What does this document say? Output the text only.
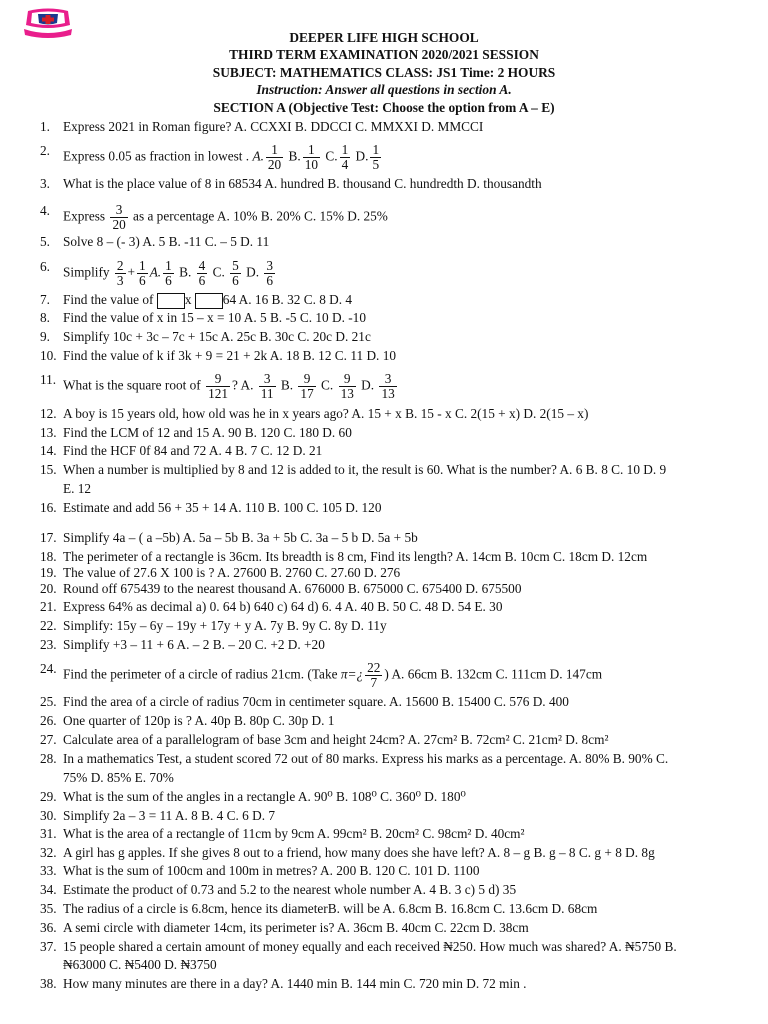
DEEPER LIFE HIGH SCHOOL
THIRD TERM EXAMINATION 2020/2021 SESSION
SUBJECT: MATHEMATICS CLASS: JS1 Time: 2 HOURS
Instruction: Answer all questions in section A.
SECTION A (Objective Test: Choose the option from A – E)
1. Express 2021 in Roman figure? A. CCXXI B. DDCCI C. MMXXI D. MMCCI
2. Express 0.05 as fraction in lowest . A. $\frac{1}{20} B$. $\frac{1}{10} C$. $\frac{1}{4} D$. $\frac{1}{5}$
3. What is the place value of 8 in 68534 A. hundred B. thousand C. hundredth D. thousandth
4. Express $\frac{3}{20}$ as a percentage A. 10% B. 20% C. 15% D. 25%
5. Solve 8 – (- 3) A. 5 B. -11 C. – 5 D. 11
6. Simplify $\frac{2}{3} + \frac{1}{6} A$. $\frac{1}{6} B$. $\frac{4}{6} C$. $\frac{5}{6} D$. $\frac{3}{6}$
7. Find the value of x 64 A. 16 B. 32 C. 8 D. 4
8. Find the value of x in 15 – x = 10 A. 5 B. -5 C. 10 D. -10
9. Simplify 10c + 3c – 7c + 15c A. 25c B. 30c C. 20c D. 21c
10. Find the value of k if 3k + 9 = 21 + 2k A. 18 B. 12 C. 11 D. 10
11. What is the square root of $\frac{9}{121}$ ? A. $\frac{3}{11} B$. $\frac{9}{17} C$. $\frac{9}{13} D$. $\frac{3}{13}$
12. A boy is 15 years old, how old was he in x years ago? A. 15 + x B. 15 - x C. 2(15 + x) D. 2(15 – x)
13. Find the LCM of 12 and 15 A. 90 B. 120 C. 180 D. 60
14. Find the HCF 0f 84 and 72 A. 4 B. 7 C. 12 D. 21
15. When a number is multiplied by 8 and 12 is added to it, the result is 60. What is the number? A. 6 B. 8 C. 10 D. 9
E. 12
16. Estimate and add 56 + 35 + 14 A. 110 B. 100 C. 105 D. 120
17. Simplify 4a – ( a –5b) A. 5a – 5b B. 3a + 5b C. 3a – 5 b D. 5a + 5b
18. The perimeter of a rectangle is 36cm. Its breadth is 8 cm, Find its length? A. 14cm B. 10cm C. 18cm D. 12cm
19. The value of 27.6 X 100 is ? A. 27600 B. 2760 C. 27.60 D. 276
20. Round off 675439 to the nearest thousand A. 676000 B. 675000 C. 675400 D. 675500
21. Express 64% as decimal a) 0. 64 b) 640 c) 64 d) 6. 4 A. 40 B. 50 C. 48 D. 54 E. 30
22. Simplify: 15y – 6y – 19y + 17y + y A. 7y B. 9y C. 8y D. 11y
23. Simplify +3 – 11 + 6 A. – 2 B. – 20 C. +2 D. +20
24. Find the perimeter of a circle of radius 21cm. (Take π=¿ $\frac{22}{7}$ ) A. 66cm B. 132cm C. 111cm D. 147cm
25. Find the area of a circle of radius 70cm in centimeter square. A. 15600 B. 15400 C. 576 D. 400
26. One quarter of 120p is ? A. 40p B. 80p C. 30p D. 1
27. Calculate area of a parallelogram of base 3cm and height 24cm? A. 27cm² B. 72cm² C. 21cm² D. 8cm²
28. In a mathematics Test, a student scored 72 out of 80 marks. Express his marks as a percentage. A. 80% B. 90% C.
75% D. 85% E. 70%
29. What is the sum of the angles in a rectangle A. 90⁰ B. 108⁰ C. 360⁰ D. 180⁰
30. Simplify 2a – 3 = 11 A. 8 B. 4 C. 6 D. 7
31. What is the area of a rectangle of 11cm by 9cm A. 99cm² B. 20cm² C. 98cm² D. 40cm²
32. A girl has g apples. If she gives 8 out to a friend, how many does she have left? A. 8 – g B. g – 8 C. g + 8 D. 8g
33. What is the sum of 100cm and 100m in metres? A. 200 B. 120 C. 101 D. 1100
34. Estimate the product of 0.73 and 5.2 to the nearest whole number A. 4 B. 3 c) 5 d) 35
35. The radius of a circle is 6.8cm, hence its diameterB. will be A. 6.8cm B. 16.8cm C. 13.6cm D. 68cm
36. A semi circle with diameter 14cm, its perimeter is? A. 36cm B. 40cm C. 22cm D. 38cm
37. 15 people shared a certain amount of money equally and each received ₦250. How much was shared? A. ₦5750 B.
₦63000 C. ₦5400 D. ₦3750
38. How many minutes are there in a day? A. 1440 min B. 144 min C. 720 min D. 72 min .
